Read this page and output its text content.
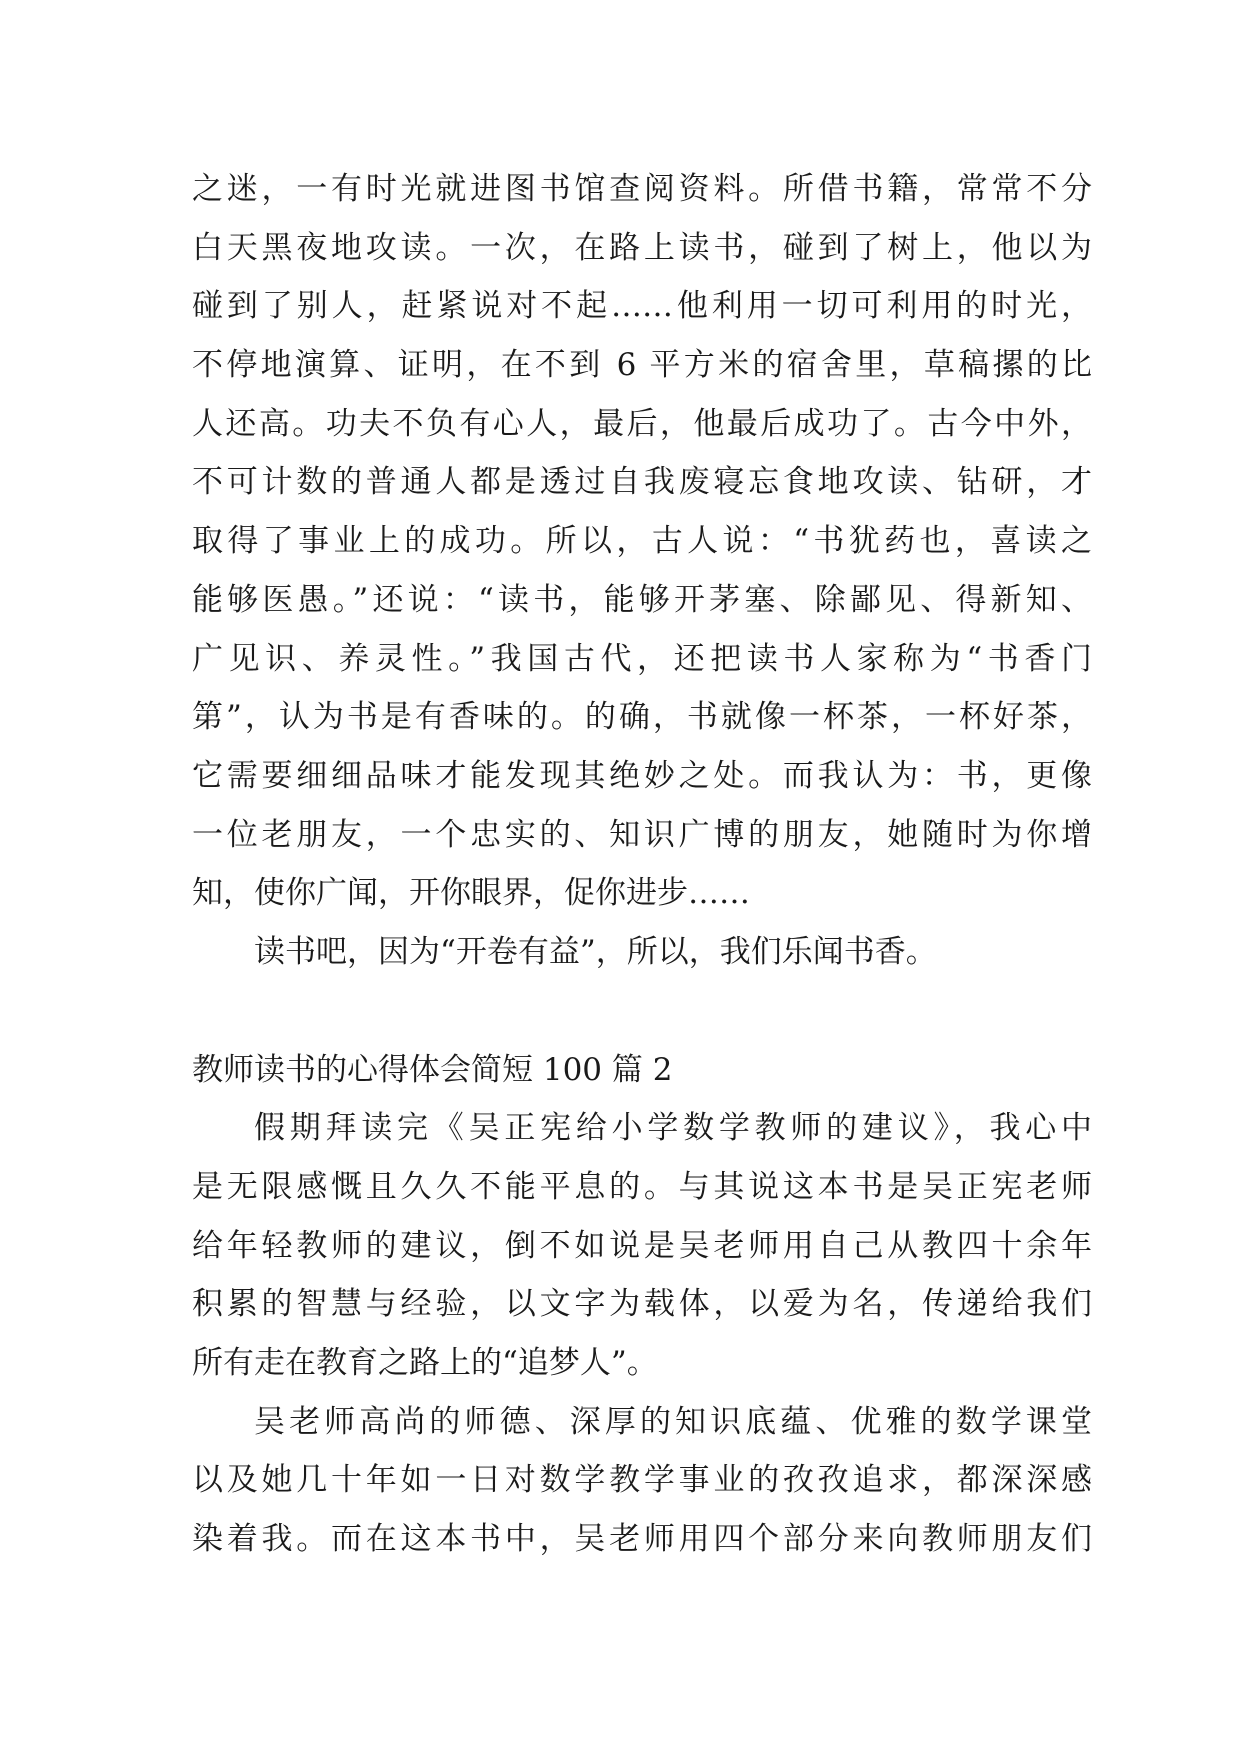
之迷，一有时光就进图书馆查阅资料。所借书籍，常常不分
白天黑夜地攻读。一次，在路上读书，碰到了树上，他以为
碰到了别人，赶紧说对不起……他利用一切可利用的时光，
不停地演算、证明，在不到 6 平方米的宿舍里，草稿摞的比
人还高。功夫不负有心人，最后，他最后成功了。古今中外，
不可计数的普通人都是透过自我废寝忘食地攻读、钻研，才
取得了事业上的成功。所以，古人说：“书犹药也，喜读之
能够医愚。”还说：“读书，能够开茅塞、除鄙见、得新知、
广见识、养灵性。”我国古代，还把读书人家称为“书香门
第”，认为书是有香味的。的确，书就像一杯茶，一杯好茶，
它需要细细品味才能发现其绝妙之处。而我认为：书，更像
一位老朋友，一个忠实的、知识广博的朋友，她随时为你增
知，使你广闻，开你眼界，促你进步……
读书吧，因为“开卷有益”，所以，我们乐闻书香。
教师读书的心得体会简短 100 篇 2
假期拜读完《吴正宪给小学数学教师的建议》，我心中
是无限感慨且久久不能平息的。与其说这本书是吴正宪老师
给年轻教师的建议，倒不如说是吴老师用自己从教四十余年
积累的智慧与经验，以文字为载体，以爱为名，传递给我们
所有走在教育之路上的“追梦人”。
吴老师高尚的师德、深厚的知识底蕴、优雅的数学课堂
以及她几十年如一日对数学教学事业的孜孜追求，都深深感
染着我。而在这本书中，吴老师用四个部分来向教师朋友们
